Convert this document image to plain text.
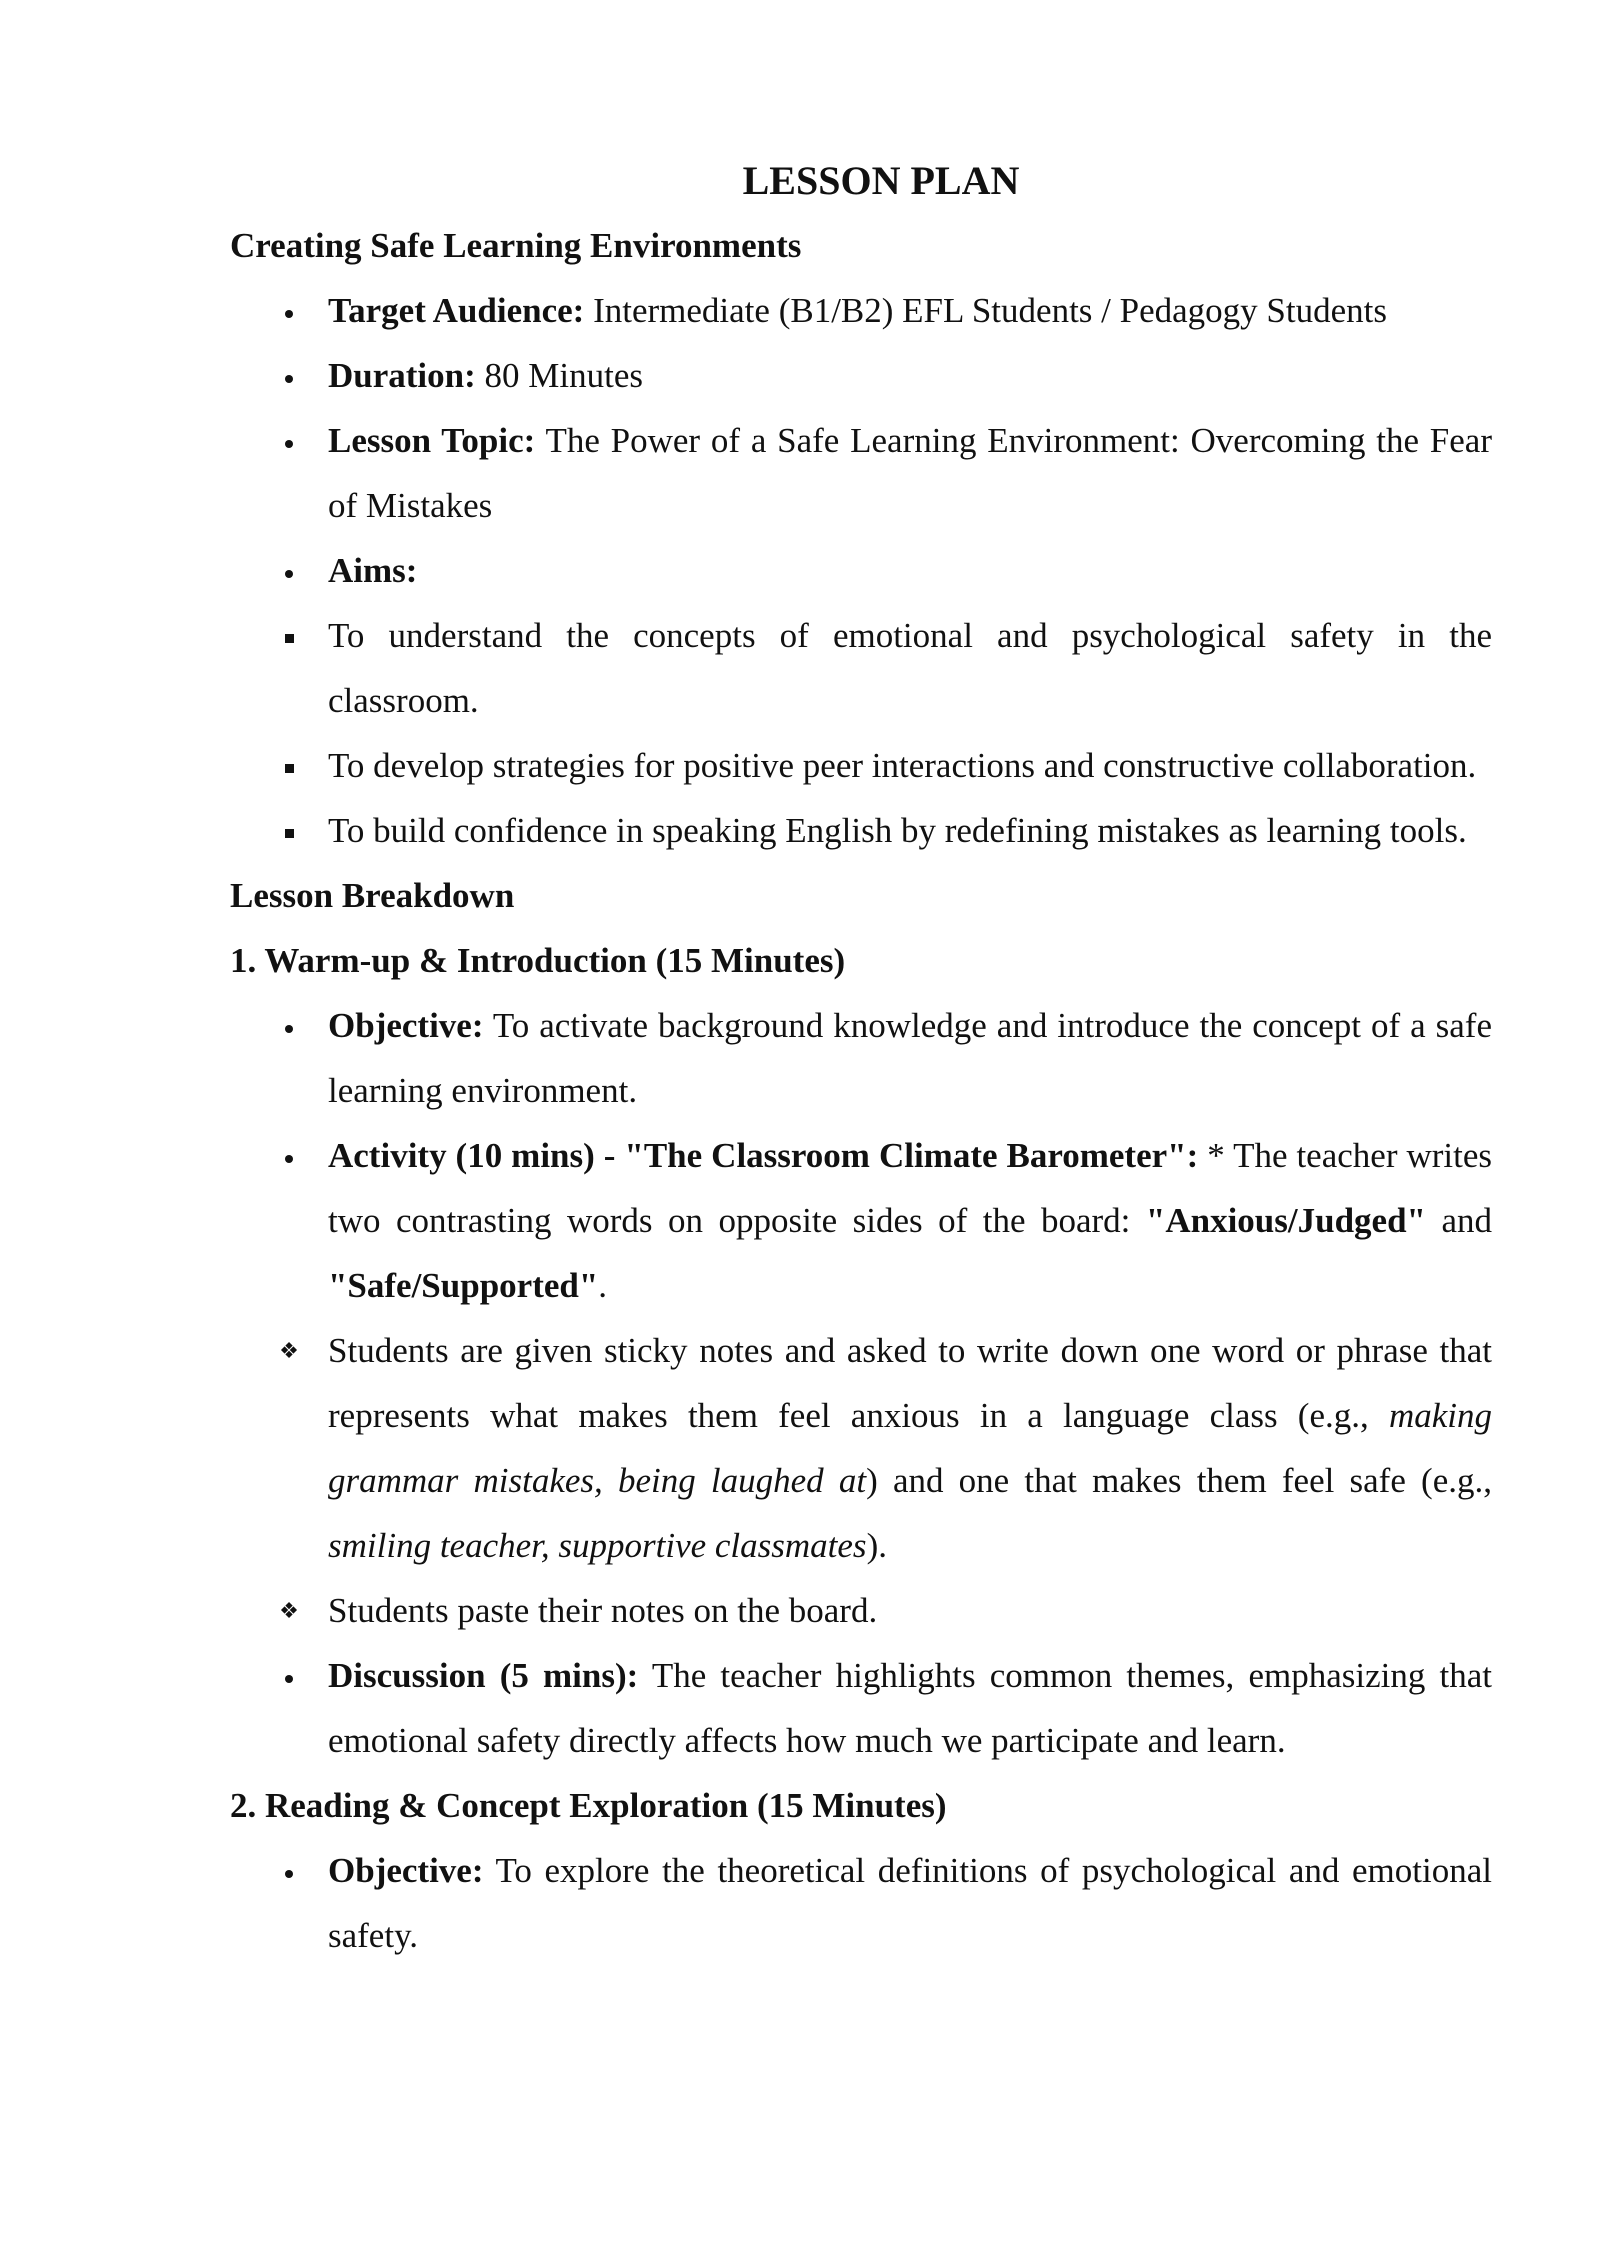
LESSON PLAN

Creating Safe Learning Environments

Target Audience: Intermediate (B1/B2) EFL Students / Pedagogy Students

Duration: 80 Minutes

Lesson Topic: The Power of a Safe Learning Environment: Overcoming the Fear of Mistakes

Aims:

To understand the concepts of emotional and psychological safety in the classroom.

To develop strategies for positive peer interactions and constructive collaboration.

To build confidence in speaking English by redefining mistakes as learning tools.

Lesson Breakdown

1. Warm-up & Introduction (15 Minutes)

Objective: To activate background knowledge and introduce the concept of a safe learning environment.

Activity (10 mins) - "The Classroom Climate Barometer": * The teacher writes two contrasting words on opposite sides of the board: "Anxious/Judged" and "Safe/Supported".

❖ Students are given sticky notes and asked to write down one word or phrase that represents what makes them feel anxious in a language class (e.g., making grammar mistakes, being laughed at) and one that makes them feel safe (e.g., smiling teacher, supportive classmates).

❖ Students paste their notes on the board.

Discussion (5 mins): The teacher highlights common themes, emphasizing that emotional safety directly affects how much we participate and learn.

2. Reading & Concept Exploration (15 Minutes)

Objective: To explore the theoretical definitions of psychological and emotional safety.
